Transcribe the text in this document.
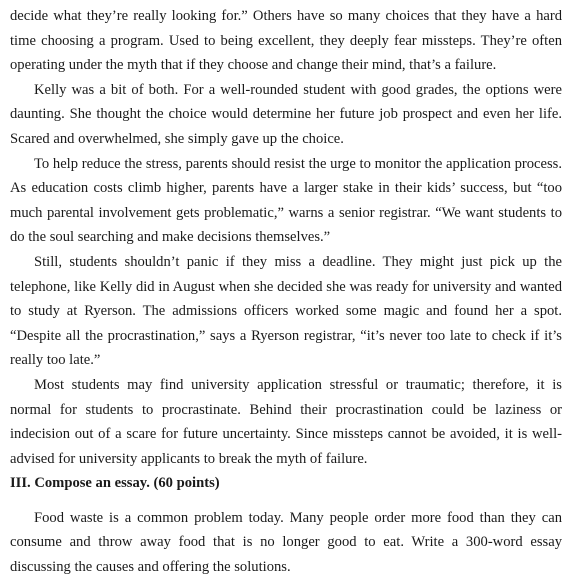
decide what they’re really looking for.” Others have so many choices that they have a hard time choosing a program. Used to being excellent, they deeply fear missteps. They’re often operating under the myth that if they choose and change their mind, that’s a failure.

Kelly was a bit of both. For a well-rounded student with good grades, the options were daunting. She thought the choice would determine her future job prospect and even her life. Scared and overwhelmed, she simply gave up the choice.

To help reduce the stress, parents should resist the urge to monitor the application process. As education costs climb higher, parents have a larger stake in their kids’ success, but “too much parental involvement gets problematic,” warns a senior registrar. “We want students to do the soul searching and make decisions themselves.”

Still, students shouldn’t panic if they miss a deadline. They might just pick up the telephone, like Kelly did in August when she decided she was ready for university and wanted to study at Ryerson. The admissions officers worked some magic and found her a spot. “Despite all the procrastination,” says a Ryerson registrar, “it’s never too late to check if it’s really too late.”

Most students may find university application stressful or traumatic; therefore, it is normal for students to procrastinate. Behind their procrastination could be laziness or indecision out of a scare for future uncertainty. Since missteps cannot be avoided, it is well-advised for university applicants to break the myth of failure.

III. Compose an essay. (60 points)

Food waste is a common problem today. Many people order more food than they can consume and throw away food that is no longer good to eat. Write a 300-word essay discussing the causes and offering the solutions.
